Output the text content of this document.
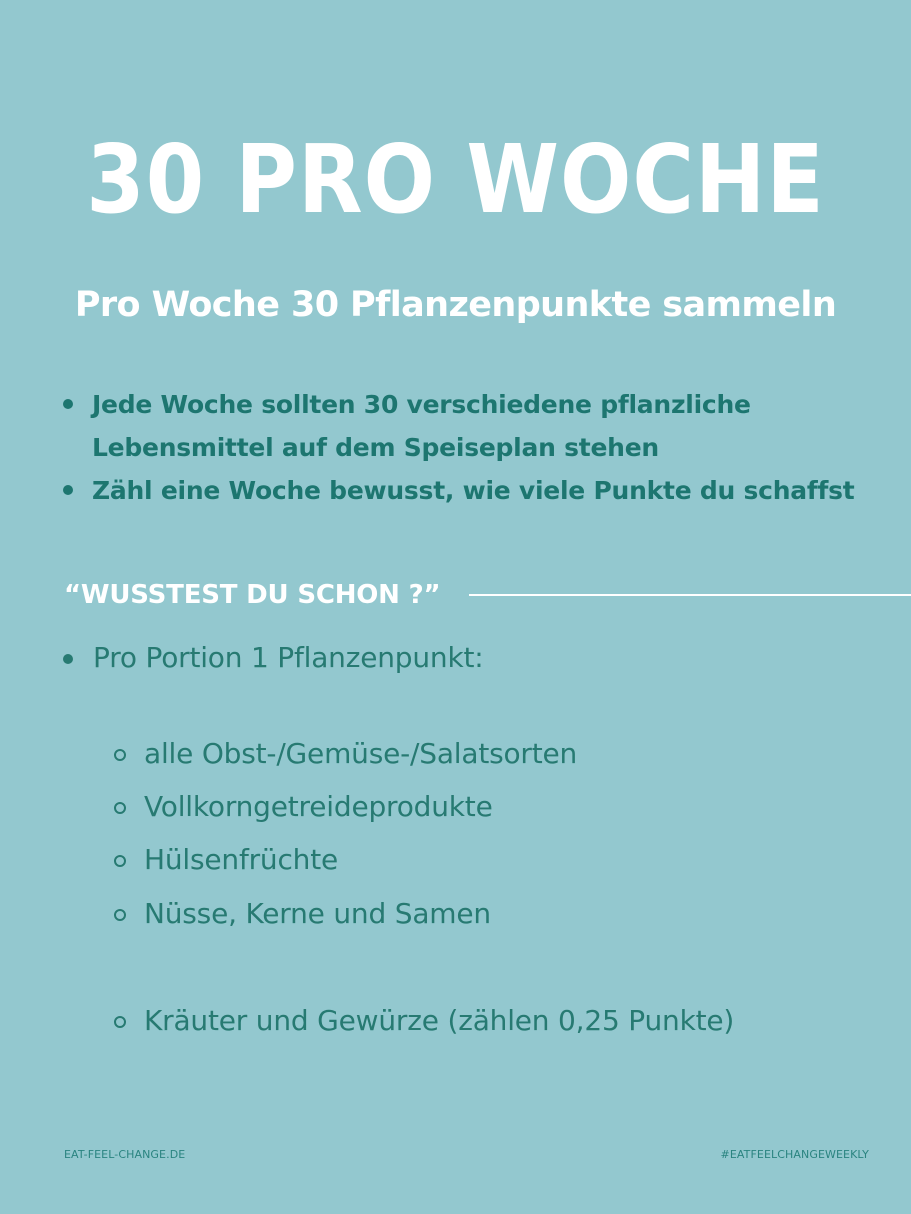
30 PRO WOCHE
Pro Woche 30 Pflanzenpunkte sammeln
Jede Woche sollten 30 verschiedene pflanzliche
Lebensmittel auf dem Speiseplan stehen
Zähl eine Woche bewusst, wie viele Punkte du schaffst
“WUSSTEST DU SCHON ?”
Pro Portion 1 Pflanzenpunkt:
alle Obst-/Gemüse-/Salatsorten
Vollkorngetreideprodukte
Hülsenfrüchte
Nüsse, Kerne und Samen
Kräuter und Gewürze (zählen 0,25 Punkte)

EAT-FEEL-CHANGE.DE	#EATFEELCHANGEWEEKLY
